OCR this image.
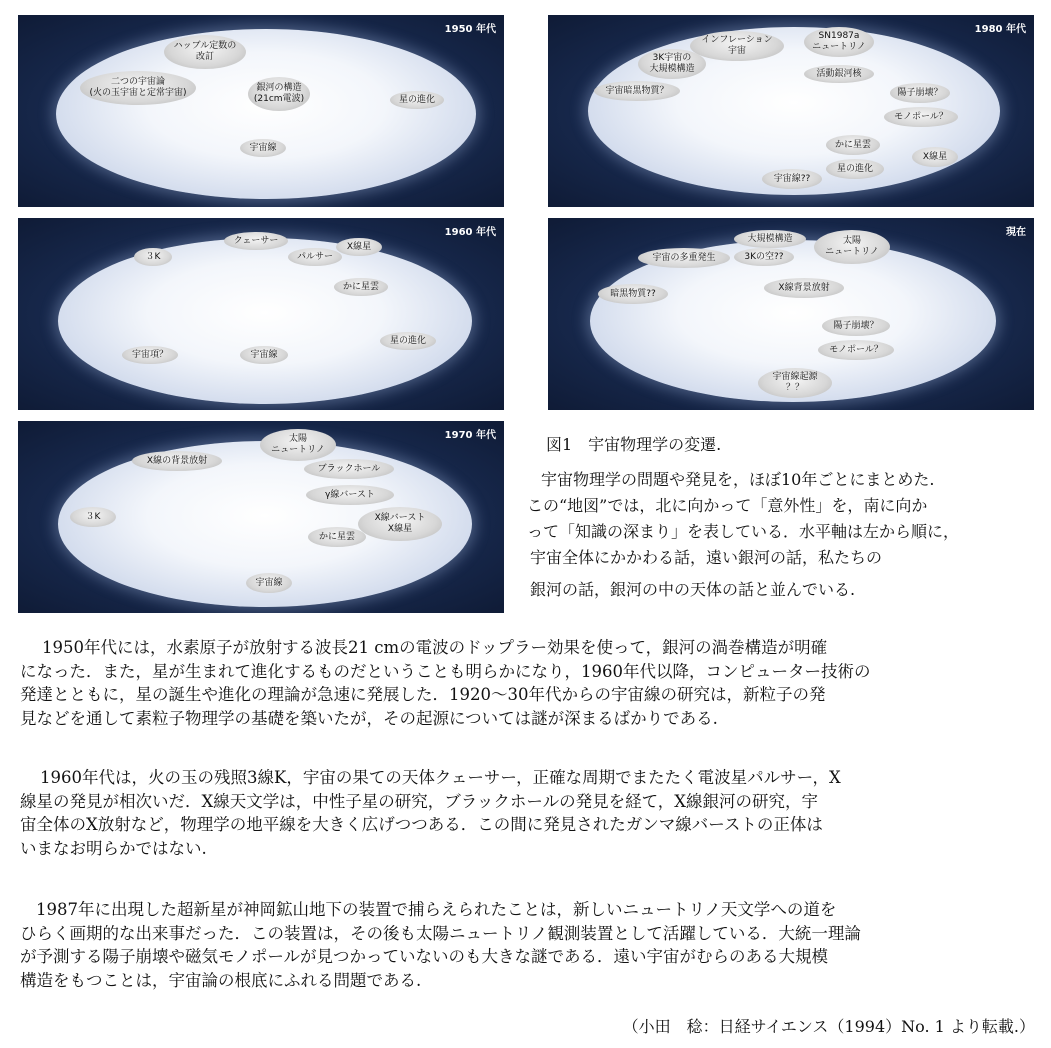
1950 年代
ハッブル定数の
改訂
二つの宇宙論
(火の玉宇宙と定常宇宙)	銀河の構造
(21cm電波)	星の進化
宇宙線
1980 年代
インフレーション
宇宙
SN1987a
ニュートリノ
3K宇宙の
大規模構造	活動銀河核
宇宙暗黒物質？	陽子崩壊？
モノポール？
かに星雲
X線星
星の進化
宇宙線??
1960 年代
クェーサー
X線星
３K	パルサー
かに星雲
星の進化
宇宙項？	宇宙線
現在
大規模構造	太陽
ニュートリノ
宇宙の多重発生	3Kの空??
暗黒物質??
X線背景放射
陽子崩壊？
モノポール？
宇宙線起源
？？
1970 年代
太陽
ニュートリノ
X線の背景放射
ブラックホール
γ線バースト
３K	X線バースト
X線星
かに星雲
宇宙線
図1　宇宙物理学の変遷.
宇宙物理学の問題や発見を，ほぼ10年ごとにまとめた.
この“地図”では，北に向かって「意外性」を，南に向か
って「知識の深まり」を表している．水平軸は左から順に，
宇宙全体にかかわる話，遠い銀河の話，私たちの
銀河の話，銀河の中の天体の話と並んでいる.

1950年代には，水素原子が放射する波長21 cmの電波のドップラー効果を使って，銀河の渦巻構造が明確
になった．また，星が生まれて進化するものだということも明らかになり，1960年代以降，コンピューター技術の
発達とともに，星の誕生や進化の理論が急速に発展した．1920～30年代からの宇宙線の研究は，新粒子の発
見などを通して素粒子物理学の基礎を築いたが，その起源については謎が深まるばかりである.

1960年代は，火の玉の残照3線K，宇宙の果ての天体クェーサー，正確な周期でまたたく電波星パルサー，X
線星の発見が相次いだ．X線天文学は，中性子星の研究，ブラックホールの発見を経て，X線銀河の研究，宇
宙全体のX放射など，物理学の地平線を大きく広げつつある．この間に発見されたガンマ線バーストの正体は
いまなお明らかではない.

1987年に出現した超新星が神岡鉱山地下の装置で捕らえられたことは，新しいニュートリノ天文学への道を
ひらく画期的な出来事だった．この装置は，その後も太陽ニュートリノ観測装置として活躍している．大統一理論
が予測する陽子崩壊や磁気モノポールが見つかっていないのも大きな謎である．遠い宇宙がむらのある大規模
構造をもつことは，宇宙論の根底にふれる問題である.

（小田　稔：日経サイエンス（1994）No. 1 より転載.）
